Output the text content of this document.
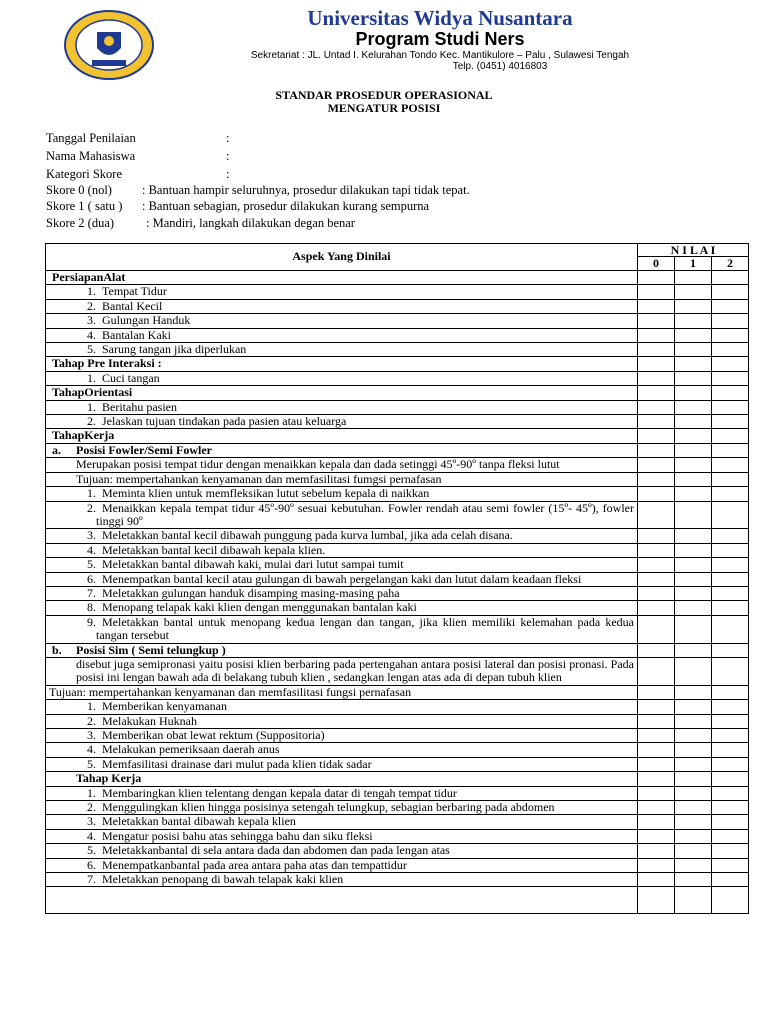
Universitas Widya Nusantara
Program Studi Ners
Sekretariat : JL. Untad I. Kelurahan Tondo Kec. Mantikulore – Palu , Sulawesi Tengah
Telp. (0451) 4016803
STANDAR PROSEDUR OPERASIONAL
MENGATUR POSISI
Tanggal Penilaian	:
Nama Mahasiswa	:
Kategori Skore	:
Skore 0 (nol) : Bantuan hampir seluruhnya, prosedur dilakukan tapi tidak tepat.
Skore 1 ( satu ) : Bantuan sebagian, prosedur dilakukan kurang sempurna
Skore 2 (dua)	: Mandiri, langkah dilakukan degan benar
Aspek Yang Dinilai	N I L A I		
	0	1	2
PersiapanAlat			
1. Tempat Tidur			
2. Bantal Kecil			
3. Gulungan Handuk			
4. Bantalan Kaki			
5. Sarung tangan jika diperlukan			
Tahap Pre Interaksi :			
1. Cuci tangan			
TahapOrientasi			
1. Beritahu pasien			
2. Jelaskan tujuan tindakan pada pasien atau keluarga			
TahapKerja			
a. Posisi Fowler/Semi Fowler			
Merupakan posisi tempat tidur dengan menaikkan kepala dan dada setinggi 45º-90º tanpa fleksi lutut			
Tujuan: mempertahankan kenyamanan dan memfasilitasi fumgsi pernafasan			
1. Meminta klien untuk memfleksikan lutut sebelum kepala di naikkan			
2. Menaikkan kepala tempat tidur 45º-90º sesuai kebutuhan. Fowler rendah atau semi fowler (15º- 45º), fowler tinggi 90º			
3. Meletakkan bantal kecil dibawah punggung pada kurva lumbal, jika ada celah disana.			
4. Meletakkan bantal kecil dibawah kepala klien.			
5. Meletakkan bantal dibawah kaki, mulai dari lutut sampai tumit			
6. Menempatkan bantal kecil atau gulungan di bawah pergelangan kaki dan lutut dalam keadaan fleksi			
7. Meletakkan gulungan handuk disamping masing-masing paha			
8. Menopang telapak kaki klien dengan menggunakan bantalan kaki			
9. Meletakkan bantal untuk menopang kedua lengan dan tangan, jika klien memiliki kelemahan pada kedua tangan tersebut			
b. Posisi Sim ( Semi telungkup )			
disebut juga semipronasi yaitu posisi klien berbaring pada pertengahan antara posisi lateral dan posisi pronasi. Pada posisi ini lengan bawah ada di belakang tubuh klien , sedangkan lengan atas ada di depan tubuh klien			
Tujuan: mempertahankan kenyamanan dan memfasilitasi fungsi pernafasan			
1. Memberikan kenyamanan			
2. Melakukan Huknah			
3. Memberikan obat lewat rektum (Suppositoria)			
4. Melakukan pemeriksaan daerah anus			
5. Memfasilitasi drainase dari mulut pada klien tidak sadar			
Tahap Kerja			
1. Membaringkan klien telentang dengan kepala datar di tengah tempat tidur			
2. Menggulingkan klien hingga posisinya setengah telungkup, sebagian berbaring pada abdomen			
3. Meletakkan bantal dibawah kepala klien			
4. Mengatur posisi bahu atas sehingga bahu dan siku fleksi			
5. Meletakkanbantal di sela antara dada dan abdomen dan pada lengan atas			
6. Menempatkanbantal pada area antara paha atas dan tempattidur			
7. Meletakkan penopang di bawah telapak kaki klien			
